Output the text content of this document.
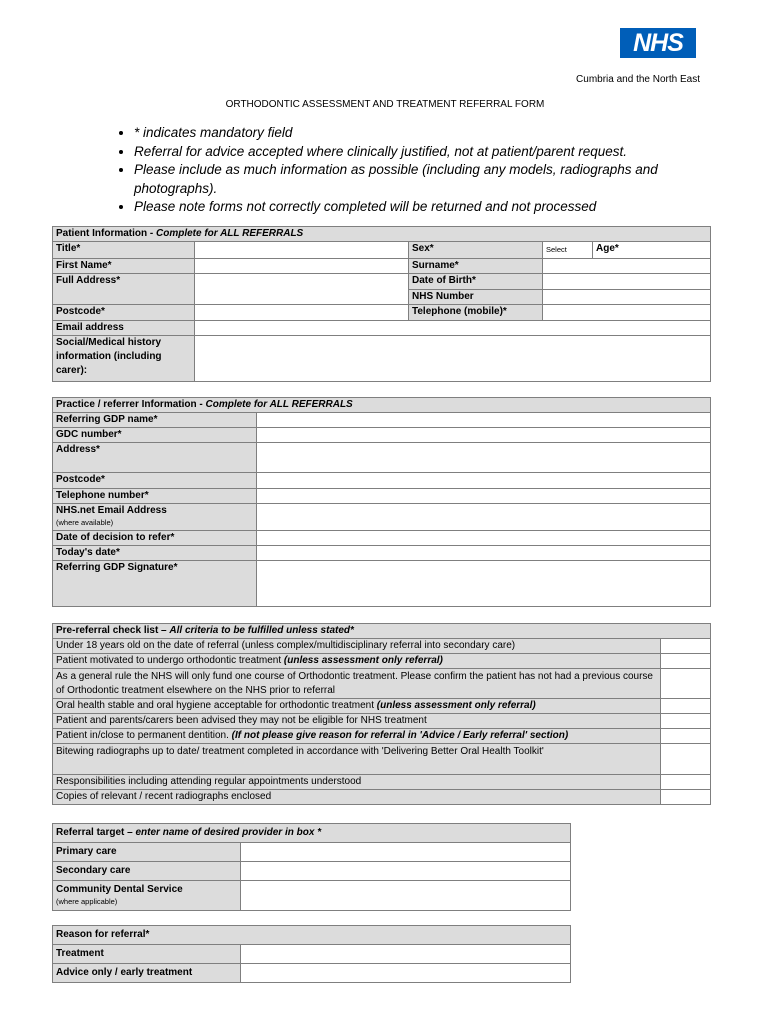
NHS
Cumbria and the North East
ORTHODONTIC ASSESSMENT AND TREATMENT REFERRAL FORM
• * indicates mandatory field
• Referral for advice accepted where clinically justified, not at patient/parent request.
• Please include as much information as possible (including any models, radiographs and photographs).
• Please note forms not correctly completed will be returned and not processed
Patient Information - Complete for ALL REFERRALS				
Title*		Sex*	Select	Age*
First Name*		Surname*		
Full Address*		Date of Birth*		
		NHS Number		
Postcode*		Telephone (mobile)*		
Email address				
Social/Medical history information (including carer):				
Practice / referrer Information - Complete for ALL REFERRALS	
Referring GDP name*	
GDC number*	
Address*	
Postcode*	
Telephone number*	
NHS.net Email Address
(where available)	

Date of decision to refer*	
Today's date*	
Referring GDP Signature*	
Pre-referral check list – All criteria to be fulfilled unless stated*	
Under 18 years old on the date of referral (unless complex/multidisciplinary referral into secondary care)	
Patient motivated to undergo orthodontic treatment (unless assessment only referral)	
As a general rule the NHS will only fund one course of Orthodontic treatment. Please confirm the patient has not had a previous course of Orthodontic treatment elsewhere on the NHS prior to referral	
Oral health stable and oral hygiene acceptable for orthodontic treatment (unless assessment only referral)	
Patient and parents/carers been advised they may not be eligible for NHS treatment	
Patient in/close to permanent dentition. (If not please give reason for referral in 'Advice / Early referral' section)	
Bitewing radiographs up to date/ treatment completed in accordance with 'Delivering Better Oral Health Toolkit'	
Responsibilities including attending regular appointments understood	
Copies of relevant / recent radiographs enclosed	
Referral target – enter name of desired provider in box *	
Primary care	
Secondary care	
Community Dental Service
(where applicable)	

Reason for referral*	
Treatment	
Advice only / early treatment	
